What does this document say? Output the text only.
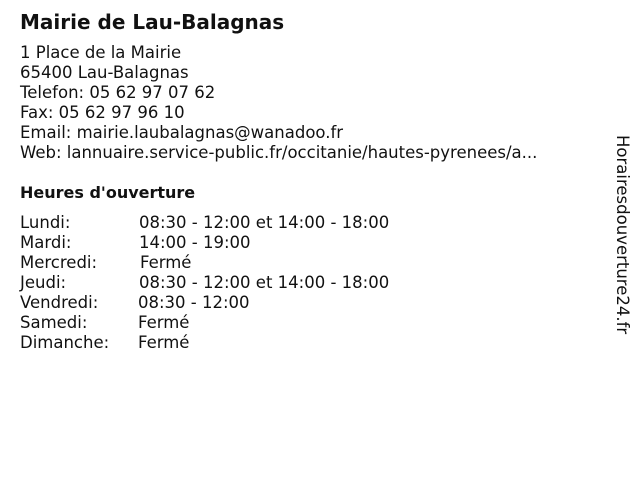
Mairie de Lau-Balagnas
1 Place de la Mairie
65400 Lau-Balagnas
Telefon: 05 62 97 07 62
Fax: 05 62 97 96 10
Email: mairie.laubalagnas@wanadoo.fr
Web: lannuaire.service-public.fr/occitanie/hautes-pyrenees/a...
Heures d'ouverture
Lundi:	08:30 - 12:00 et 14:00 - 18:00
Mardi:	14:00 - 19:00
Mercredi:	Fermé
Jeudi:	08:30 - 12:00 et 14:00 - 18:00
Vendredi: 08:30 - 12:00
Samedi:	Fermé
Dimanche: Fermé
Horairesdouverture24.fr
